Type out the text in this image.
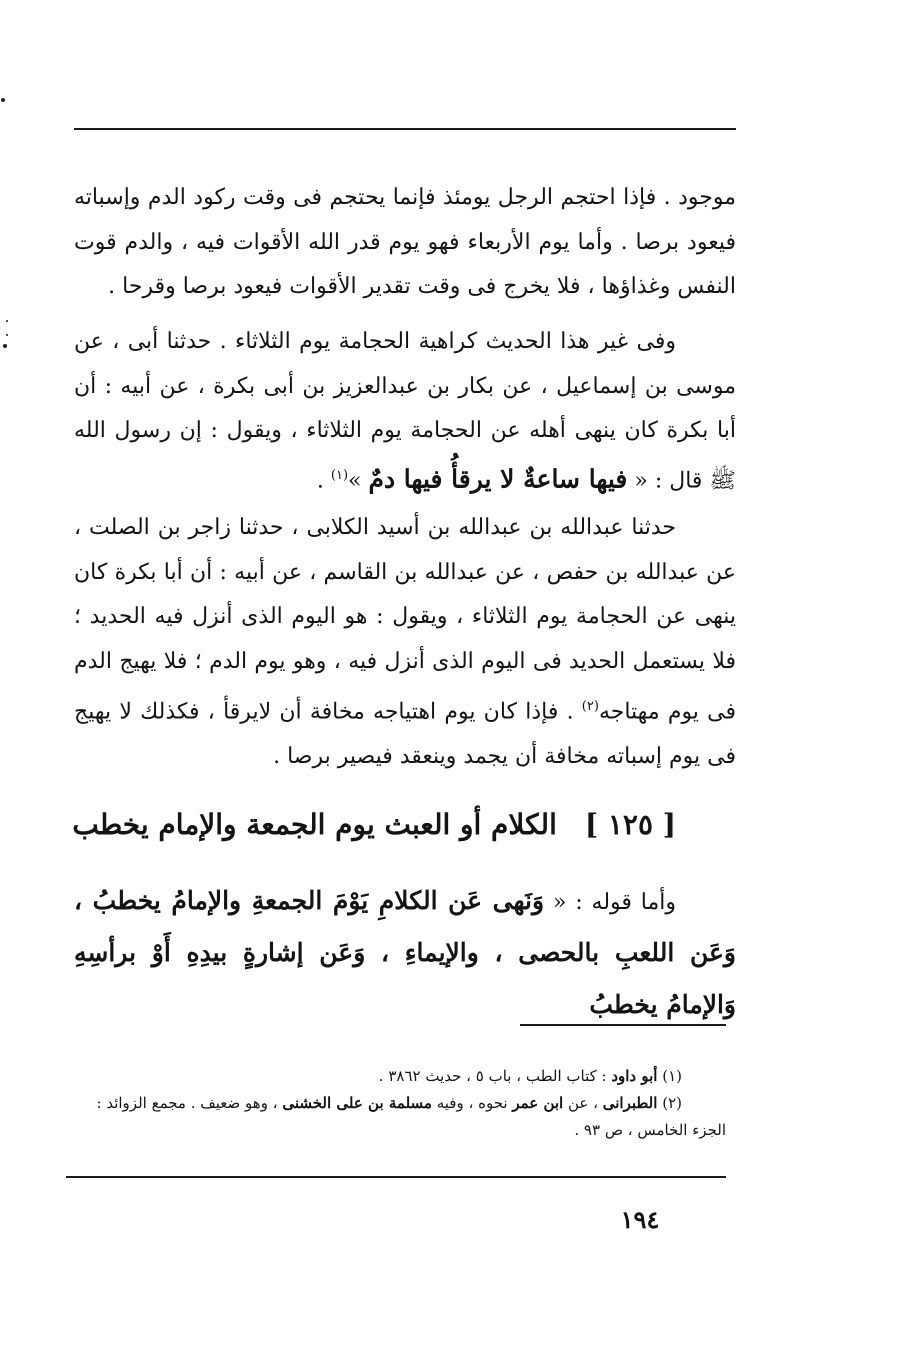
موجود . فإذا احتجم الرجل يومئذ فإنما يحتجم فى وقت ركود الدم وإسباته فيعود برصا . وأما يوم الأربعاء فهو يوم قدر الله الأقوات فيه ، والدم قوت النفس وغذاؤها ، فلا يخرج فى وقت تقدير الأقوات فيعود برصا وقرحا .

وفى غير هذا الحديث كراهية الحجامة يوم الثلاثاء . حدثنا أبى ، عن موسى بن إسماعيل ، عن بكار بن عبدالعزيز بن أبى بكرة ، عن أبيه : أن أبا بكرة كان ينهى أهله عن الحجامة يوم الثلاثاء ، ويقول : إن رسول الله ﷺ قال : « فيها ساعةٌ لا يرقأُ فيها دمٌ »$^{(١)}$ .

حدثنا عبدالله بن عبدالله بن أسيد الكلابى ، حدثنا زاجر بن الصلت ، عن عبدالله بن حفص ، عن عبدالله بن القاسم ، عن أبيه : أن أبا بكرة كان ينهى عن الحجامة يوم الثلاثاء ، ويقول : هو اليوم الذى أنزل فيه الحديد ؛ فلا يستعمل الحديد فى اليوم الذى أنزل فيه ، وهو يوم الدم ؛ فلا يهيج الدم فى يوم مهتاجه$^{(٢)}$ . فإذا كان يوم اهتياجه مخافة أن لايرقأ ، فكذلك لا يهيج فى يوم إسباته مخافة أن يجمد وينعقد فيصير برصا .

[ ١٢٥ ]
الكلام أو العبث يوم الجمعة والإمام يخطب

وأما قوله : « وَنَهى عَن الكلامِ يَوْمَ الجمعةِ والإمامُ يخطبُ ، وَعَن اللعبِ بالحصى ، والإيماءِ ، وَعَن إشارةٍ بيدِهِ أَوْ برأسِهِ وَالإمامُ يخطبُ

(١) أبو داود : كتاب الطب ، باب ٥ ، حديث ٣٨٦٢ .

(٢) الطبرانى ، عن ابن عمر نحوه ، وفيه مسلمة بن على الخشنى ، وهو ضعيف . مجمع الزوائد : الجزء الخامس ، ص ٩٣ .

١٩٤
